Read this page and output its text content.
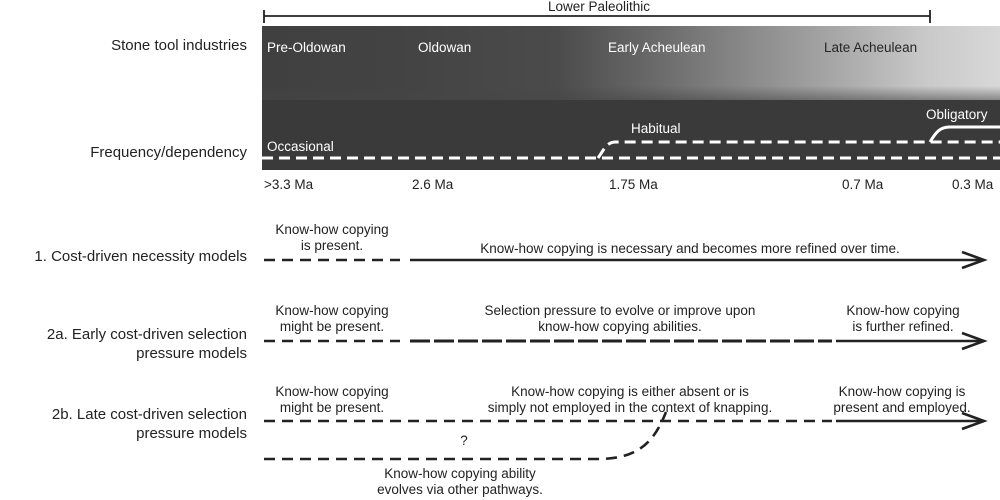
Lower Paleolithic
Stone tool industries
Frequency/dependency
Pre-Oldowan	Oldowan	Early Acheulean	Late Acheulean
Occasional
Habitual
Obligatory
>3.3 Ma	2.6 Ma	1.75 Ma	0.7 Ma	0.3 Ma
1. Cost-driven necessity models
Know-how copying
is present.	Know-how copying is necessary and becomes more refined over time.
2a. Early cost-driven selection
pressure models
Know-how copying
might be present.
Selection pressure to evolve or improve upon
know-how copying abilities.
Know-how copying
is further refined.
2b. Late cost-driven selection
pressure models
Know-how copying
might be present.
Know-how copying is either absent or is
simply not employed in the context of knapping.
Know-how copying is
present and employed.
?
Know-how copying ability
evolves via other pathways.
